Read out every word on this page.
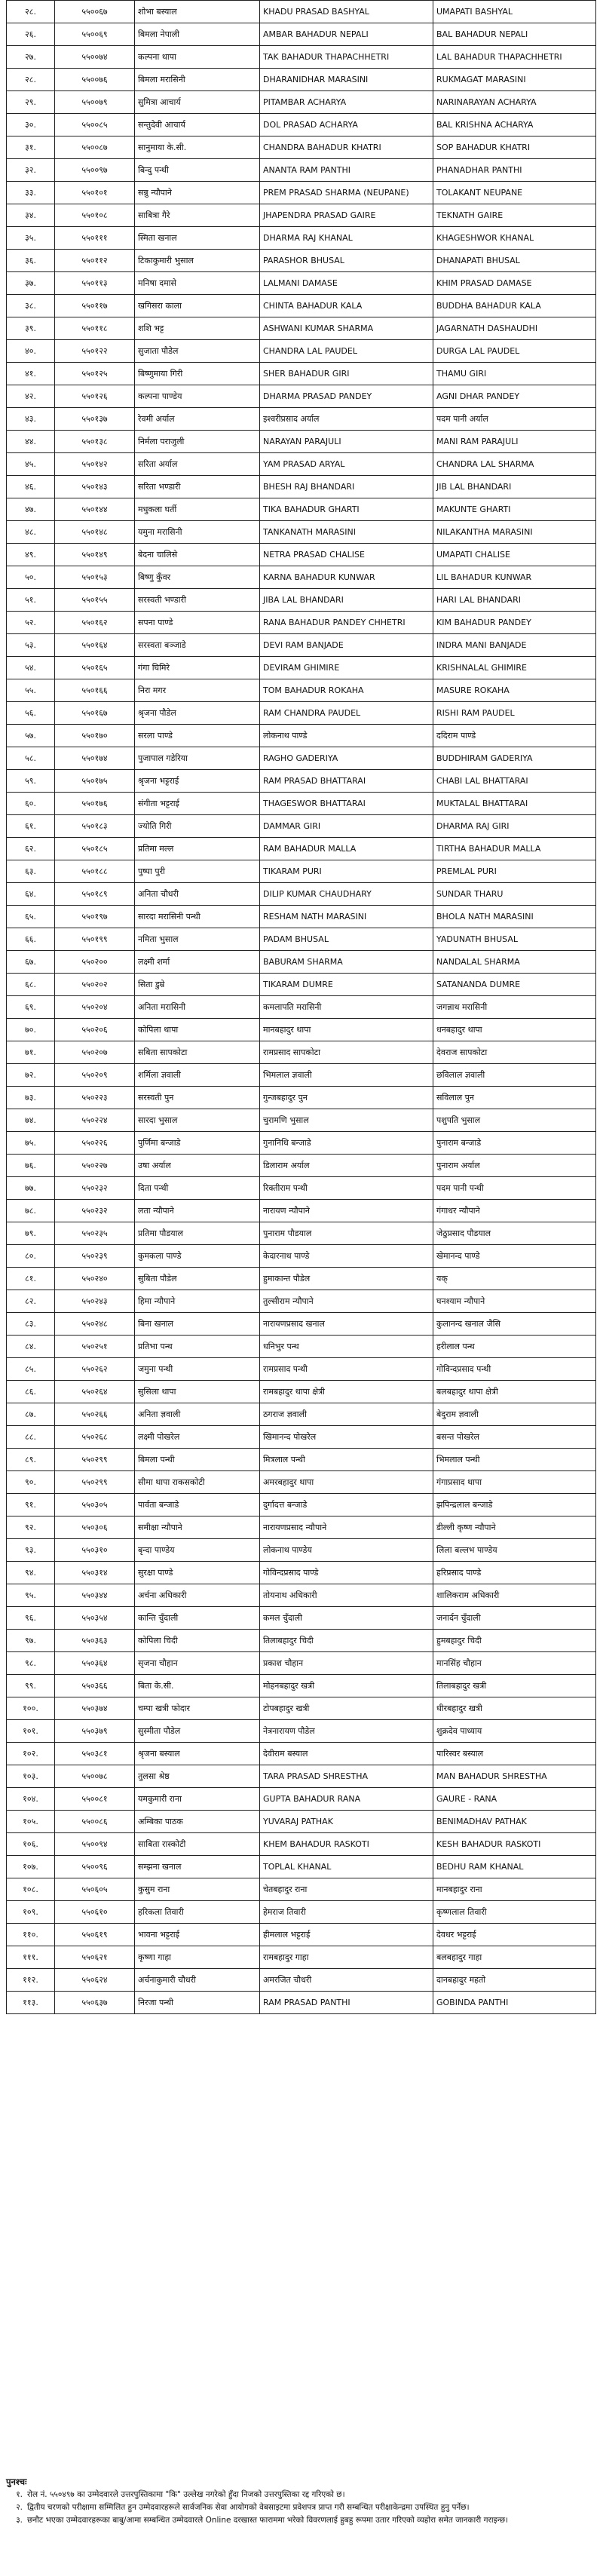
२८.	५५००६७	शोभा बस्याल	KHADU PRASAD BASHYAL	UMAPATI BASHYAL
२६.	५५००६९	बिमला नेपाली	AMBAR BAHADUR NEPALI	BAL BAHADUR NEPALI
२७.	५५००७४	कल्पना थापा	TAK BAHADUR THAPACHHETRI	LAL BAHADUR THAPACHHETRI
२८.	५५००७६	बिमला मरासिनी	DHARANIDHAR MARASINI	RUKMAGAT MARASINI
२९.	५५००७९	सुमित्रा आचार्य	PITAMBAR ACHARYA	NARINARAYAN ACHARYA
३०.	५५००८५	सन्तुदेवी आचार्य	DOL PRASAD ACHARYA	BAL KRISHNA ACHARYA
३१.	५५००८७	सानुमाया के.सी.	CHANDRA BAHADUR KHATRI	SOP BAHADUR KHATRI
३२.	५५००९७	बिन्दु पन्थी	ANANTA RAM PANTHI	PHANADHAR PANTHI
३३.	५५०१०१	सन्नु न्यौपाने	PREM PRASAD SHARMA (NEUPANE)	TOLAKANT NEUPANE
३४.	५५०१०८	साबित्रा गैरे	JHAPENDRA PRASAD GAIRE	TEKNATH GAIRE
३५.	५५०१११	स्मिता खनाल	DHARMA RAJ KHANAL	KHAGESHWOR KHANAL
३६.	५५०११२	टिकाकुमारी भुसाल	PARASHOR BHUSAL	DHANAPATI BHUSAL
३७.	५५०११३	मनिषा दमासे	LALMANI DAMASE	KHIM PRASAD DAMASE
३८.	५५०११७	खगिसरा काला	CHINTA BAHADUR KALA	BUDDHA BAHADUR KALA
३९.	५५०११८	शशि भट्ट	ASHWANI KUMAR SHARMA	JAGARNATH DASHAUDHI
४०.	५५०१२२	सुजाता पौडेल	CHANDRA LAL PAUDEL	DURGA LAL PAUDEL
४१.	५५०१२५	बिष्णुमाया गिरी	SHER BAHADUR GIRI	THAMU GIRI
४२.	५५०१२६	कल्पना पाण्डेय	DHARMA PRASAD PANDEY	AGNI DHAR PANDEY
४३.	५५०१३७	रेवमी अर्याल	इश्वरीप्रसाद अर्याल	पदम पानी अर्याल
४४.	५५०१३८	निर्मला पराजुली	NARAYAN PARAJULI	MANI RAM PARAJULI
४५.	५५०१४२	सरिता अर्याल	YAM PRASAD ARYAL	CHANDRA LAL SHARMA
४६.	५५०१४३	सरिता भण्डारी	BHESH RAJ BHANDARI	JIB LAL BHANDARI
४७.	५५०१४४	मधुकला घर्ती	TIKA BAHADUR GHARTI	MAKUNTE GHARTI
४८.	५५०१४८	यमुना मरासिनी	TANKANATH MARASINI	NILAKANTHA MARASINI
४९.	५५०१४९	बेदना चालिसे	NETRA PRASAD CHALISE	UMAPATI CHALISE
५०.	५५०१५३	बिष्णु कुँवर	KARNA BAHADUR KUNWAR	LIL BAHADUR KUNWAR
५१.	५५०१५५	सरस्वती भण्डारी	JIBA LAL BHANDARI	HARI LAL BHANDARI
५२.	५५०१६२	सपना पाण्डे	RANA BAHADUR PANDEY CHHETRI	KIM BAHADUR PANDEY
५३.	५५०१६४	सरस्वता बञ्जाडे	DEVI RAM BANJADE	INDRA MANI BANJADE
५४.	५५०१६५	गंगा घिमिरे	DEVIRAM GHIMIRE	KRISHNALAL GHIMIRE
५५.	५५०१६६	निरा मगर	TOM BAHADUR ROKAHA	MASURE ROKAHA
५६.	५५०१६७	श्रृजना पौडेल	RAM CHANDRA PAUDEL	RISHI RAM PAUDEL
५७.	५५०१७०	सरला पाण्डे	लोकनाथ पाण्डे	ददिराम पाण्डे
५८.	५५०१७४	पुजापाल गडेरिया	RAGHO GADERIYA	BUDDHIRAM GADERIYA
५९.	५५०१७५	श्रृजना भट्टराई	RAM PRASAD BHATTARAI	CHABI LAL BHATTARAI
६०.	५५०१७६	संगीता भट्टराई	THAGESWOR BHATTARAI	MUKTALAL BHATTARAI
६१.	५५०१८३	ज्योति गिरी	DAMMAR GIRI	DHARMA RAJ GIRI
६२.	५५०१८५	प्रतिमा मल्ल	RAM BAHADUR MALLA	TIRTHA BAHADUR MALLA
६३.	५५०१८८	पुष्पा पुरी	TIKARAM PURI	PREMLAL PURI
६४.	५५०१८९	अनिता चौधरी	DILIP KUMAR CHAUDHARY	SUNDAR THARU
६५.	५५०१९७	सारदा मरासिनी पन्थी	RESHAM NATH MARASINI	BHOLA NATH MARASINI
६६.	५५०१९९	नमिता भुसाल	PADAM BHUSAL	YADUNATH BHUSAL
६७.	५५०२००	लक्ष्मी शर्मा	BABURAM SHARMA	NANDALAL SHARMA
६८.	५५०२०२	सिता डुम्रे	TIKARAM DUMRE	SATANANDA DUMRE
६९.	५५०२०४	अनिता मरासिनी	कमलापति मरासिनी	जगन्नाथ मरासिनी
७०.	५५०२०६	कोपिला थापा	मानबहादुर थापा	धनबहादुर थापा
७१.	५५०२०७	सबिता सापकोटा	रामप्रसाद सापकोटा	देवराज सापकोटा
७२.	५५०२०९	शर्मिला ज्ञवाली	भिमलाल ज्ञवाली	छविलाल ज्ञवाली
७३.	५५०२२३	सरस्वती पुन	गुन्जबहादुर पुन	सविलाल पुन
७४.	५५०२२४	सारदा भुसाल	चुरामणि भुसाल	पशुपति भुसाल
७५.	५५०२२६	पुर्णिमा बन्जाडे	गुनानिधि बन्जाडे	पुनाराम बन्जाडे
७६.	५५०२२७	उषा अर्याल	डिलाराम अर्याल	पुनाराम अर्याल
७७.	५५०२३२	दिता पन्थी	रिक्तीराम पन्थी	पदम पानी पन्थी
७८.	५५०२३२	लता न्यौपाने	नारायण न्यौपाने	गंगाधर न्यौपाने
७९.	५५०२३५	प्रतिमा पौडयाल	पुनाराम पौडयाल	जेठुप्रसाद पौडयाल
८०.	५५०२३९	कुमकला पाण्डे	केदारनाथ पाण्डे	खेमानन्द पाण्डे
८१.	५५०२४०	सुबिता पौडेल	हुमाकान्त पौडेल	यक्
८२.	५५०२४३	हिमा न्यौपाने	तुल्सीराम न्यौपाने	घनश्याम न्यौपाने
८३.	५५०२४८	बिना खनाल	नारायणप्रसाद खनाल	कुलानन्द खनाल जैसि
८४.	५५०२५१	प्रतिभा पन्थ	धनिभुर पन्थ	हरीलाल पन्थ
८५.	५५०२६२	जमुना पन्थी	रामप्रसाद पन्थी	गोविन्दप्रसाद पन्थी
८६.	५५०२६४	सुसिला थापा	रामबहादुर थापा क्षेत्री	बलबहादुर थापा क्षेत्री
८७.	५५०२६६	अनिता ज्ञवाली	ठगराज ज्ञवाली	बेदुराम ज्ञवाली
८८.	५५०२६८	लक्ष्मी पोखरेल	खिमानन्द पोखरेल	बसन्त पोखरेल
८९.	५५०२९९	बिमला पन्थी	मित्रलाल पन्थी	भिमलाल पन्थी
९०.	५५०२९९	सीमा थापा राकसकोटी	अमरबहादुर थापा	गंगाप्रसाद थापा
९१.	५५०३०५	पार्वता बन्जाडे	दुर्गादत्त बन्जाडे	झपिन्द्रलाल बन्जाडे
९२.	५५०३०६	समीक्षा न्यौपाने	नारायणप्रसाद न्यौपाने	डील्ली कृष्ण न्यौपाने
९३.	५५०३१०	बृन्दा पाण्डेय	लोकनाथ पाण्डेय	लिला बल्लभ पाण्डेय
९४.	५५०३१४	सुरक्षा पाण्डे	गोविन्दप्रसाद पाण्डे	हरिप्रसाद पाण्डे
९५.	५५०३४४	अर्चना अधिकारी	तोयनाथ अधिकारी	शालिकराम अधिकारी
९६.	५५०३५४	कान्ति चुँदाली	कमल चुँदाली	जनार्दन चुँदाली
९७.	५५०३६३	कोपिला चिदी	तिलाबहादुर चिदी	हुमबहादुर चिदी
९८.	५५०३६४	सृजना चौहान	प्रकाश चौहान	मानसिंह चौहान
९९.	५५०३६६	बिता के.सी.	मोहनबहादुर खत्री	तिलाबहादुर खत्री
१००.	५५०३७४	चम्पा खत्री फोदार	टोपबहादुर खत्री	धीरबहादुर खत्री
१०१.	५५०३७९	सुस्मीता पौडेल	नेत्रनारायण पौडेल	शुक्रदेव पाध्याय
१०२.	५५०३८१	श्रृजना बस्याल	देवीराम बस्याल	पारिस्वर बस्याल
१०३.	५५००७८	तुलसा श्रेष्ठ	TARA PRASAD SHRESTHA	MAN BAHADUR SHRESTHA
१०४.	५५००८१	यमकुमारी राना	GUPTA BAHADUR RANA	GAURE - RANA
१०५.	५५००८६	अम्बिका पाठक	YUVARAJ PATHAK	BENIMADHAV PATHAK
१०६.	५५००९४	साबिता रास्कोटी	KHEM BAHADUR RASKOTI	KESH BAHADUR RASKOTI
१०७.	५५००९६	सम्झना खनाल	TOPLAL KHANAL	BEDHU RAM KHANAL
१०८.	५५०६०५	कुसुम राना	चेतबहादुर राना	मानबहादुर राना
१०९.	५५०६१०	हरिकला तिवारी	हेमराज तिवारी	कृष्णलाल तिवारी
११०.	५५०६१९	भावना भट्टराई	हीमलाल भट्टराई	देवधर भट्टराई
१११.	५५०६२१	कृष्णा गाहा	रामबहादुर गाहा	बलबहादुर गाहा
११२.	५५०६२४	अर्चनाकुमारी चौधरी	अमरजित चौधरी	दानबहादुर महतो
११३.	५५०६३७	निरजा पन्थी	RAM PRASAD PANTHI	GOBINDA PANTHI
पुनश्चः
१. रोल नं. ५५०४९७ का उम्मेदवारले उत्तरपुस्तिकामा "कि" उल्लेख नगरेको हुँदा निजको उत्तरपुस्तिका रद्द गरिएको छ।
२. द्वितीय चरणको परीक्षामा सम्मिलित हुन उम्मेदवारहरूले सार्वजनिक सेवा आयोगको वेबसाइटमा प्रवेशपत्र प्राप्त गरी सम्बन्धित परीक्षाकेन्द्रमा उपस्थित हुनु पर्नेछ।
३. छनौट भएका उम्मेदवारहरूका बाबु/आमा सम्बन्धित उम्मेदवारले Online दरखास्त फाराममा भरेको विवरणलाई हुबहु रूपमा उतार गरिएको व्यहोरा समेत जानकारी गराइन्छ।
